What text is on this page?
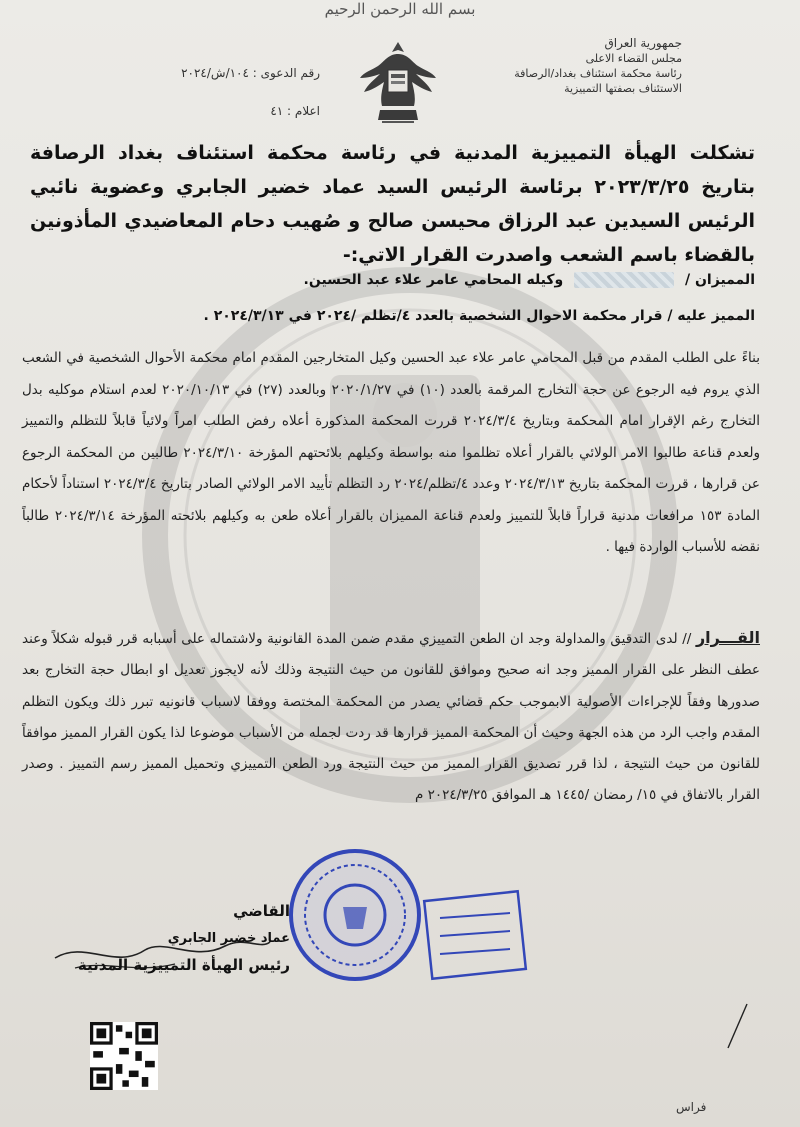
بسم الله الرحمن الرحيم
جمهورية العراق
مجلس القضاء الاعلى
رئاسة محكمة استئناف بغداد/الرصافة
الاستئناف بصفتها التمييزية
رقم الدعوى : ١٠٤/ش/٢٠٢٤
اعلام : ٤١
تشكلت الهيأة التمييزية المدنية في رئاسة محكمة استئناف بغداد الرصافة بتاريخ ٢٠٢٣/٣/٢٥ برئاسة الرئيس السيد عماد خضير الجابري وعضوية نائبي الرئيس السيدين عبد الرزاق محيسن صالح و صُهيب دحام المعاضيدي المأذونين بالقضاء باسم الشعب واصدرت القرار الاتي:-
المميزان /  وكيله المحامي عامر علاء عبد الحسين.
المميز عليه / قرار محكمة الاحوال الشخصية بالعدد ٤/تظلم /٢٠٢٤ في ٢٠٢٤/٣/١٣ .
بناءً على الطلب المقدم من قبل المحامي عامر علاء عبد الحسين وكيل المتخارجين المقدم امام محكمة الأحوال الشخصية في الشعب الذي يروم فيه الرجوع عن حجة التخارج المرقمة بالعدد (١٠) في ٢٠٢٠/١/٢٧ وبالعدد (٢٧) في ٢٠٢٠/١٠/١٣ لعدم استلام موكليه بدل التخارج رغم الإقرار امام المحكمة وبتاريخ ٢٠٢٤/٣/٤ قررت المحكمة المذكورة أعلاه رفض الطلب امراً ولائياً قابلاً للتظلم والتمييز ولعدم قناعة طالبوا الامر الولائي بالقرار أعلاه تظلموا منه بواسطة وكيلهم بلائحتهم المؤرخة ٢٠٢٤/٣/١٠ طالبين من المحكمة الرجوع عن قرارها ، قررت المحكمة بتاريخ ٢٠٢٤/٣/١٣ وعدد ٤/تظلم/٢٠٢٤ رد التظلم تأييد الامر الولائي الصادر بتاريخ ٢٠٢٤/٣/٤ استناداً لأحكام المادة ١٥٣ مرافعات مدنية قراراً قابلاً للتمييز ولعدم قناعة المميزان بالقرار أعلاه طعن به وكيلهم بلائحته المؤرخة ٢٠٢٤/٣/١٤ طالباً نقضه للأسباب الواردة فيها .
القـــرار // لدى التدقيق والمداولة وجد ان الطعن التمييزي مقدم ضمن المدة القانونية ولاشتماله على أسبابه قرر قبوله شكلاً وعند عطف النظر على القرار المميز وجد انه صحيح وموافق للقانون من حيث النتيجة وذلك لأنه لايجوز تعديل او ابطال حجة التخارج بعد صدورها وفقاً للإجراءات الأصولية الابموجب حكم قضائي يصدر من المحكمة المختصة ووفقا لاسباب قانونيه تبرر ذلك ويكون التظلم المقدم واجب الرد من هذه الجهة وحيث أن المحكمة المميز قرارها قد ردت لجمله من الأسباب موضوعا لذا يكون القرار المميز موافقاً للقانون من حيث النتيجة ، لذا قرر تصديق القرار المميز من حيث النتيجة ورد الطعن التمييزي وتحميل المميز رسم التمييز . وصدر القرار بالاتفاق في ١٥/ رمضان /١٤٤٥ هـ الموافق ٢٠٢٤/٣/٢٥ م
القاضي
عماد خضير الجابري
رئيس الهيأة التمييزية المدنية
فراس
